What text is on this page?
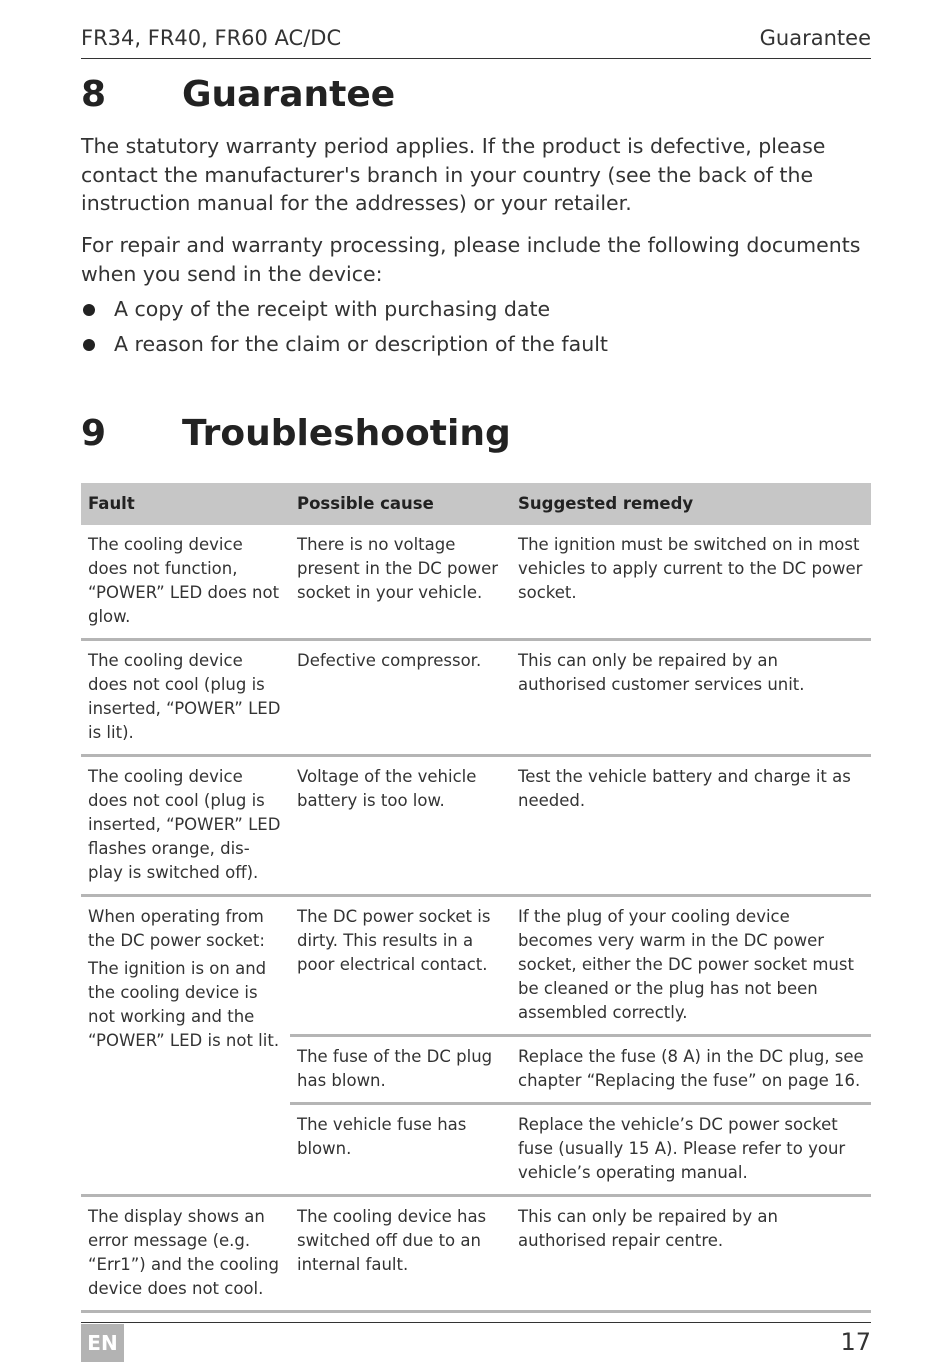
FR34, FR40, FR60 AC/DC	Guarantee
8 Guarantee
The statutory warranty period applies. If the product is defective, please contact the manufacturer's branch in your country (see the back of the instruction manual for the addresses) or your retailer.
For repair and warranty processing, please include the following documents when you send in the device:
A copy of the receipt with purchasing date
A reason for the claim or description of the fault
9 Troubleshooting
Fault	Possible cause	Suggested remedy
The cooling device does not function, “POWER” LED does not glow.	There is no voltage present in the DC power socket in your vehicle.	The ignition must be switched on in most vehicles to apply current to the DC power socket.
The cooling device does not cool (plug is inserted, “POWER” LED is lit).	Defective compressor.	This can only be repaired by an authorised customer services unit.
The cooling device does not cool (plug is inserted, “POWER” LED flashes orange, dis- play is switched off).	Voltage of the vehicle battery is too low.	Test the vehicle battery and charge it as needed.

When operating from the DC power socket:

The ignition is on and the cooling device is not working and the “POWER” LED is not lit.	The DC power socket is dirty. This results in a poor electrical contact.	If the plug of your cooling device becomes very warm in the DC power socket, either the DC power socket must be cleaned or the plug has not been assembled correctly.
	The fuse of the DC plug has blown.	Replace the fuse (8 A) in the DC plug, see chapter “Replacing the fuse” on page 16.
	The vehicle fuse has blown.	Replace the vehicle’s DC power socket fuse (usually 15 A). Please refer to your vehicle’s operating manual.
The display shows an error message (e.g. “Err1”) and the cooling device does not cool.	The cooling device has switched off due to an internal fault.	This can only be repaired by an authorised repair centre.
EN	17
